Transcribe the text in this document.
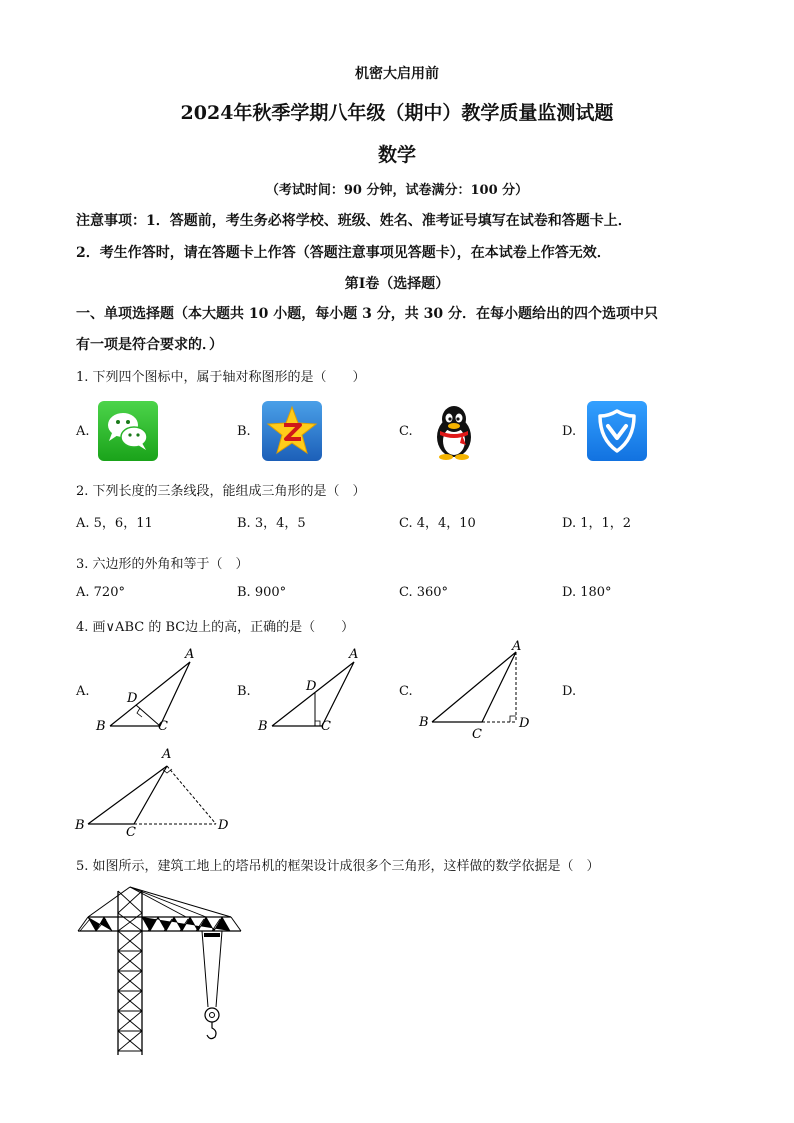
机密大启用前
2024年秋季学期八年级（期中）教学质量监测试题
数学
（考试时间：90 分钟，试卷满分：100 分）
注意事项：1．答题前，考生务必将学校、班级、姓名、准考证号填写在试卷和答题卡上．
2．考生作答时，请在答题卡上作答（答题注意事项见答题卡），在本试卷上作答无效．
第Ⅰ卷（选择题）
一、单项选择题（本大题共 10 小题，每小题 3 分，共 30 分．在每小题给出的四个选项中只
有一项是符合要求的．）
1. 下列四个图标中，属于轴对称图形的是（　　）
A.	B.	C.	D.
2. 下列长度的三条线段，能组成三角形的是（　）
A. 5，6，11	B. 3，4，5	C. 4，4，10	D. 1，1，2
3. 六边形的外角和等于（　）
A. 720°	B. 900°	C. 360°	D. 180°
4. 画∨ABC 的 BC边上的高，正确的是（　　）
A.	B.	C.	D.
A
B	C
D
A
B	C
D
A
B
C
D
A
B	C	D
5. 如图所示，建筑工地上的塔吊机的框架设计成很多个三角形，这样做的数学依据是（　）
